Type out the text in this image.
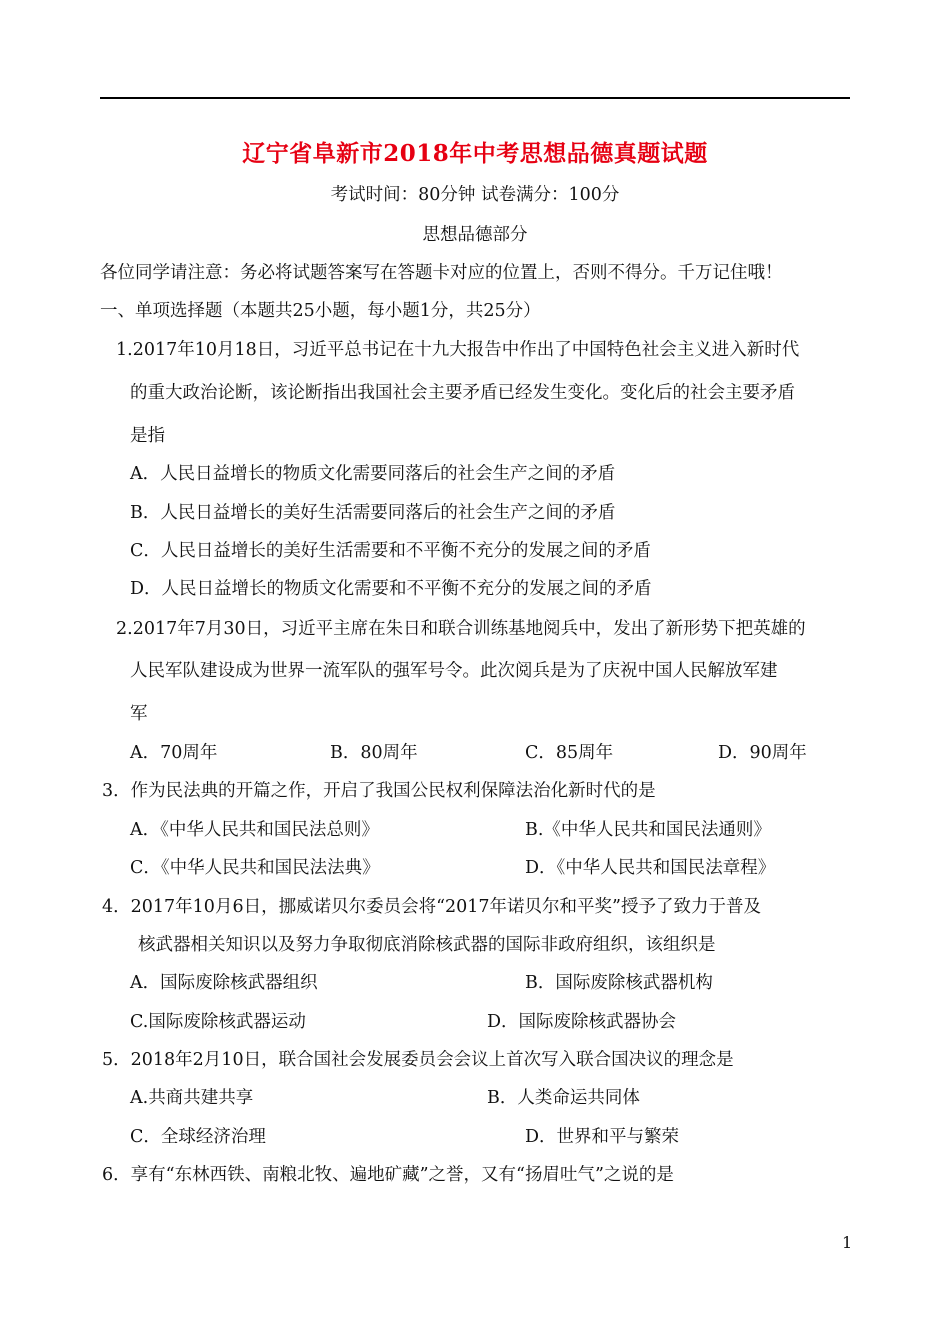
辽宁省阜新市2018年中考思想品德真题试题
考试时间：80分钟 试卷满分：100分
思想品德部分
各位同学请注意：务必将试题答案写在答题卡对应的位置上，否则不得分。千万记住哦！
一、单项选择题（本题共25小题，每小题1分，共25分）
1.2017年10月18日，习近平总书记在十九大报告中作出了中国特色社会主义进入新时代
的重大政治论断，该论断指出我国社会主要矛盾已经发生变化。变化后的社会主要矛盾
是指
A．人民日益增长的物质文化需要同落后的社会生产之间的矛盾
B．人民日益增长的美好生活需要同落后的社会生产之间的矛盾
C．人民日益增长的美好生活需要和不平衡不充分的发展之间的矛盾
D．人民日益增长的物质文化需要和不平衡不充分的发展之间的矛盾
2.2017年7月30日，习近平主席在朱日和联合训练基地阅兵中，发出了新形势下把英雄的
人民军队建设成为世界一流军队的强军号令。此次阅兵是为了庆祝中国人民解放军建
军
A．70周年	B．80周年	C．85周年	D．90周年
3．作为民法典的开篇之作，开启了我国公民权利保障法治化新时代的是
A．《中华人民共和国民法总则》	B.《中华人民共和国民法通则》
C．《中华人民共和国民法法典》	D．《中华人民共和国民法章程》
4．2017年10月6日，挪威诺贝尔委员会将“2017年诺贝尔和平奖”授予了致力于普及
核武器相关知识以及努力争取彻底消除核武器的国际非政府组织，该组织是
A．国际废除核武器组织	B．国际废除核武器机构
C.国际废除核武器运动	D．国际废除核武器协会
5．2018年2月10日，联合国社会发展委员会会议上首次写入联合国决议的理念是
A.共商共建共享	B．人类命运共同体
C．全球经济治理	D．世界和平与繁荣
6．享有“东林西铁、南粮北牧、遍地矿藏”之誉，又有“扬眉吐气”之说的是
1
